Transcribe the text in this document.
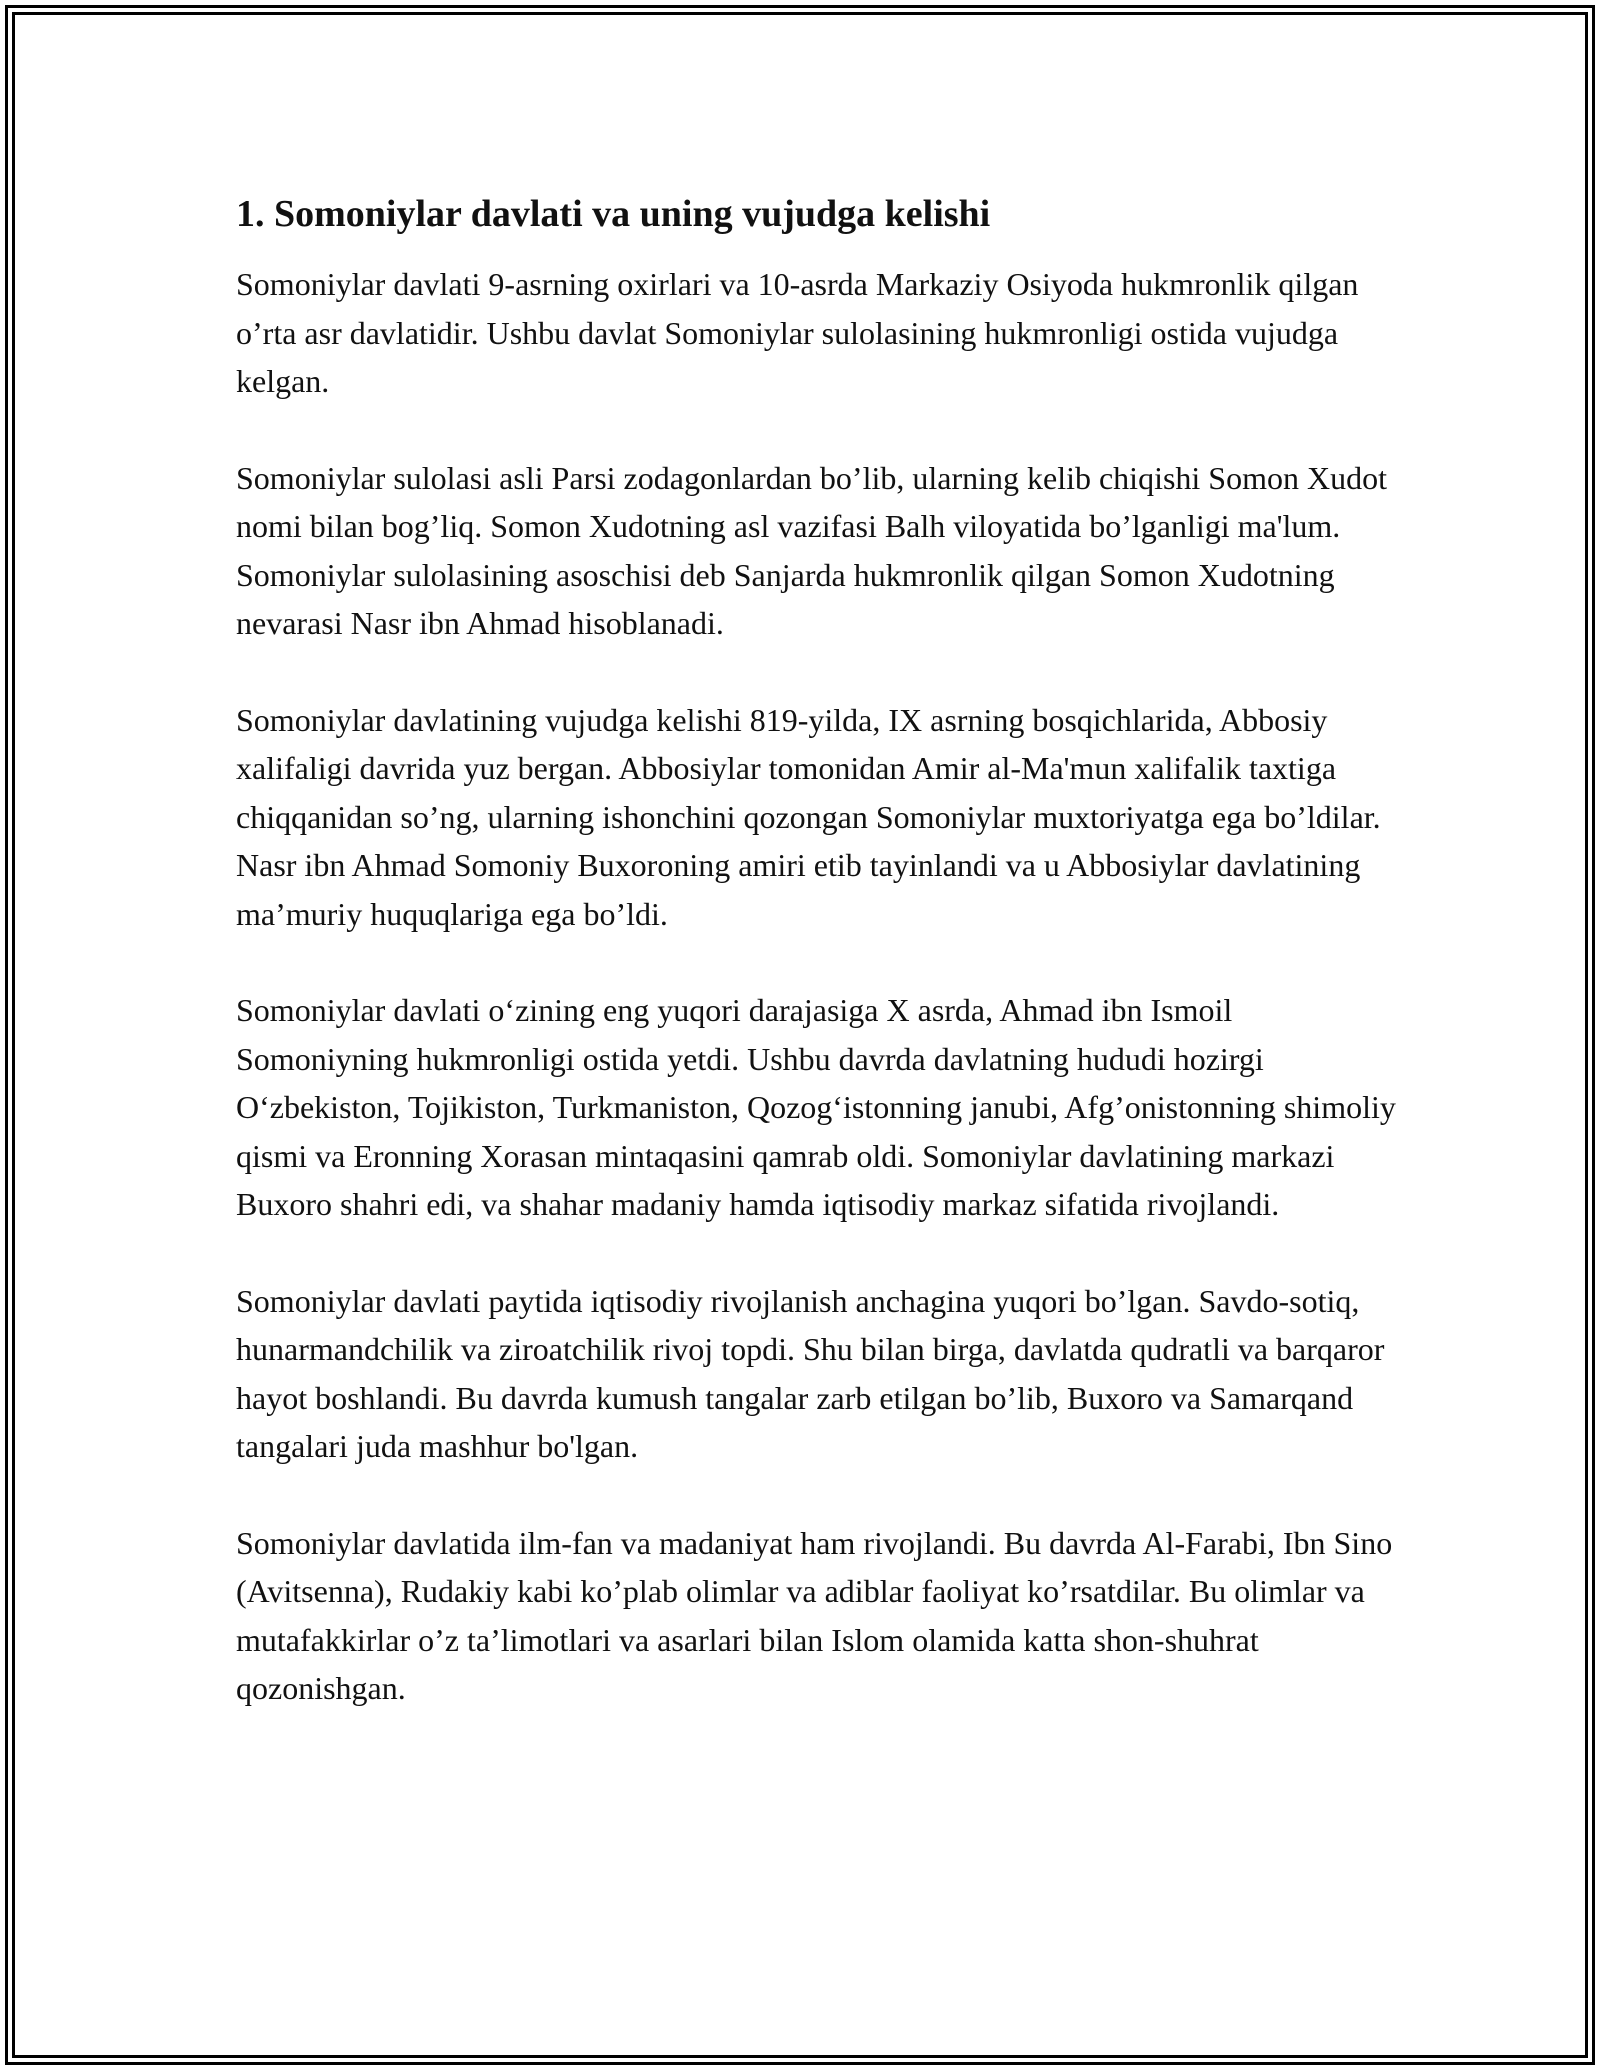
1. Somoniylar davlati va uning vujudga kelishi

Somoniylar davlati 9-asrning oxirlari va 10-asrda Markaziy Osiyoda hukmronlik qilgan o’rta asr davlatidir. Ushbu davlat Somoniylar sulolasining hukmronligi ostida vujudga kelgan.

Somoniylar sulolasi asli Parsi zodagonlardan bo’lib, ularning kelib chiqishi Somon Xudot nomi bilan bog’liq. Somon Xudotning asl vazifasi Balh viloyatida bo’lganligi ma'lum. Somoniylar sulolasining asoschisi deb Sanjarda hukmronlik qilgan Somon Xudotning nevarasi Nasr ibn Ahmad hisoblanadi.

Somoniylar davlatining vujudga kelishi 819-yilda, IX asrning bosqichlarida, Abbosiy xalifaligi davrida yuz bergan. Abbosiylar tomonidan Amir al-Ma'mun xalifalik taxtiga chiqqanidan so’ng, ularning ishonchini qozongan Somoniylar muxtoriyatga ega bo’ldilar. Nasr ibn Ahmad Somoniy Buxoroning amiri etib tayinlandi va u Abbosiylar davlatining ma’muriy huquqlariga ega bo’ldi.

Somoniylar davlati o‘zining eng yuqori darajasiga X asrda, Ahmad ibn Ismoil Somoniyning hukmronligi ostida yetdi. Ushbu davrda davlatning hududi hozirgi O‘zbekiston, Tojikiston, Turkmaniston, Qozog‘istonning janubi, Afg’onistonning shimoliy qismi va Eronning Xorasan mintaqasini qamrab oldi. Somoniylar davlatining markazi Buxoro shahri edi, va shahar madaniy hamda iqtisodiy markaz sifatida rivojlandi.

Somoniylar davlati paytida iqtisodiy rivojlanish anchagina yuqori bo’lgan. Savdo-sotiq, hunarmandchilik va ziroatchilik rivoj topdi. Shu bilan birga, davlatda qudratli va barqaror hayot boshlandi. Bu davrda kumush tangalar zarb etilgan bo’lib, Buxoro va Samarqand tangalari juda mashhur bo'lgan.

Somoniylar davlatida ilm-fan va madaniyat ham rivojlandi. Bu davrda Al-Farabi, Ibn Sino (Avitsenna), Rudakiy kabi ko’plab olimlar va adiblar faoliyat ko’rsatdilar. Bu olimlar va mutafakkirlar o’z ta’limotlari va asarlari bilan Islom olamida katta shon-shuhrat qozonishgan.
